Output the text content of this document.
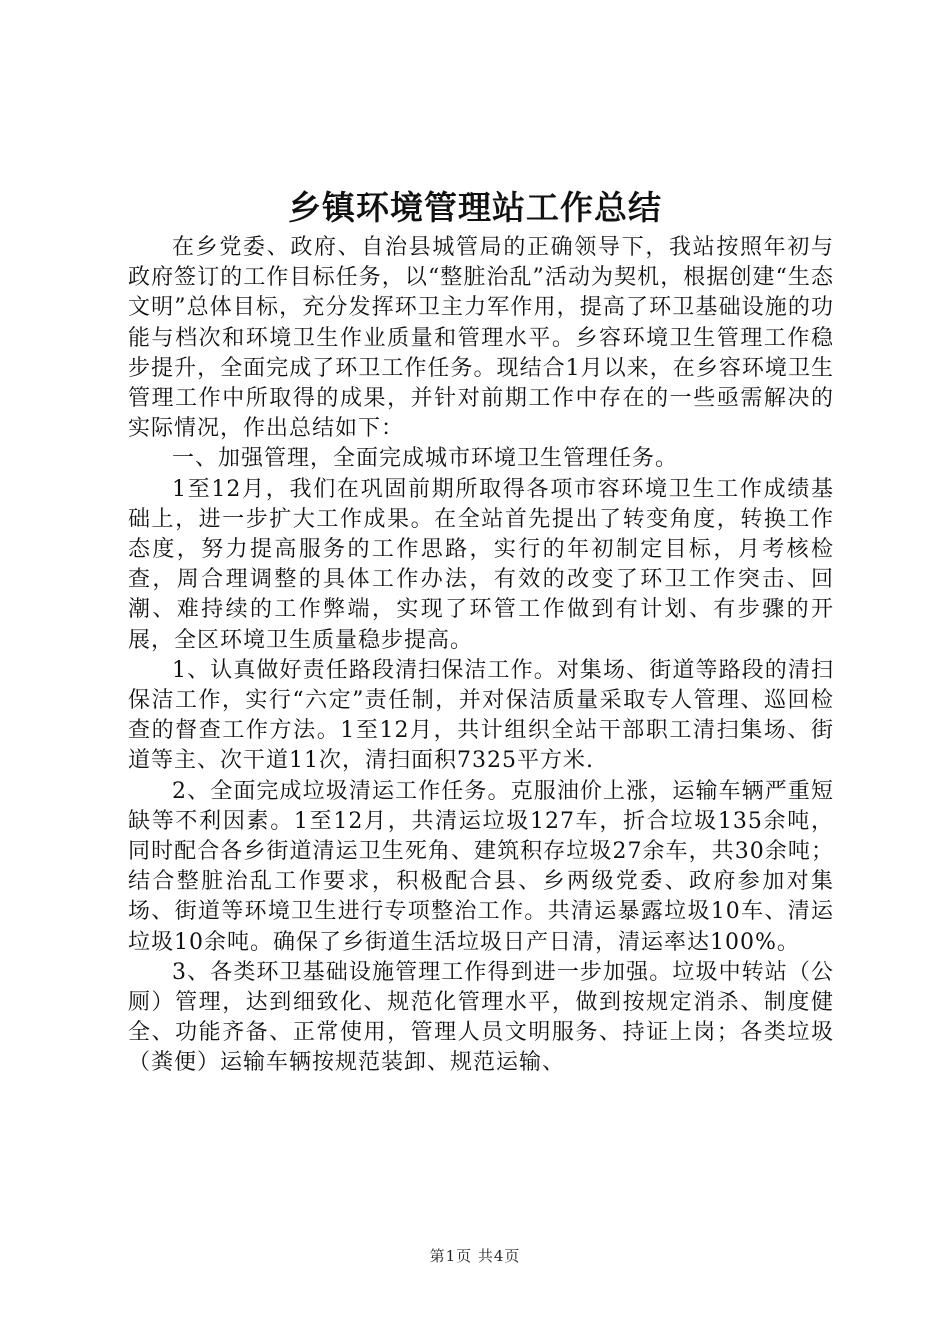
乡镇环境管理站工作总结

在乡党委、政府、自治县城管局的正确领导下，我站按照年初与政府签订的工作目标任务，以“整脏治乱”活动为契机，根据创建“生态文明”总体目标，充分发挥环卫主力军作用，提高了环卫基础设施的功能与档次和环境卫生作业质量和管理水平。乡容环境卫生管理工作稳步提升，全面完成了环卫工作任务。现结合1月以来，在乡容环境卫生管理工作中所取得的成果，并针对前期工作中存在的一些亟需解决的实际情况，作出总结如下：

一、加强管理，全面完成城市环境卫生管理任务。

1至12月，我们在巩固前期所取得各项市容环境卫生工作成绩基础上，进一步扩大工作成果。在全站首先提出了转变角度，转换工作态度，努力提高服务的工作思路，实行的年初制定目标，月考核检查，周合理调整的具体工作办法，有效的改变了环卫工作突击、回潮、难持续的工作弊端，实现了环管工作做到有计划、有步骤的开展，全区环境卫生质量稳步提高。

1、认真做好责任路段清扫保洁工作。对集场、街道等路段的清扫保洁工作，实行“六定”责任制，并对保洁质量采取专人管理、巡回检查的督查工作方法。1至12月，共计组织全站干部职工清扫集场、街道等主、次干道11次，清扫面积7325平方米.

2、全面完成垃圾清运工作任务。克服油价上涨，运输车辆严重短缺等不利因素。1至12月，共清运垃圾127车，折合垃圾135余吨，同时配合各乡街道清运卫生死角、建筑积存垃圾27余车，共30余吨；结合整脏治乱工作要求，积极配合县、乡两级党委、政府参加对集场、街道等环境卫生进行专项整治工作。共清运暴露垃圾10车、清运垃圾10余吨。确保了乡街道生活垃圾日产日清，清运率达100%。

3、各类环卫基础设施管理工作得到进一步加强。垃圾中转站（公厕）管理，达到细致化、规范化管理水平，做到按规定消杀、制度健全、功能齐备、正常使用，管理人员文明服务、持证上岗；各类垃圾（粪便）运输车辆按规范装卸、规范运输、

第1页 共4页
